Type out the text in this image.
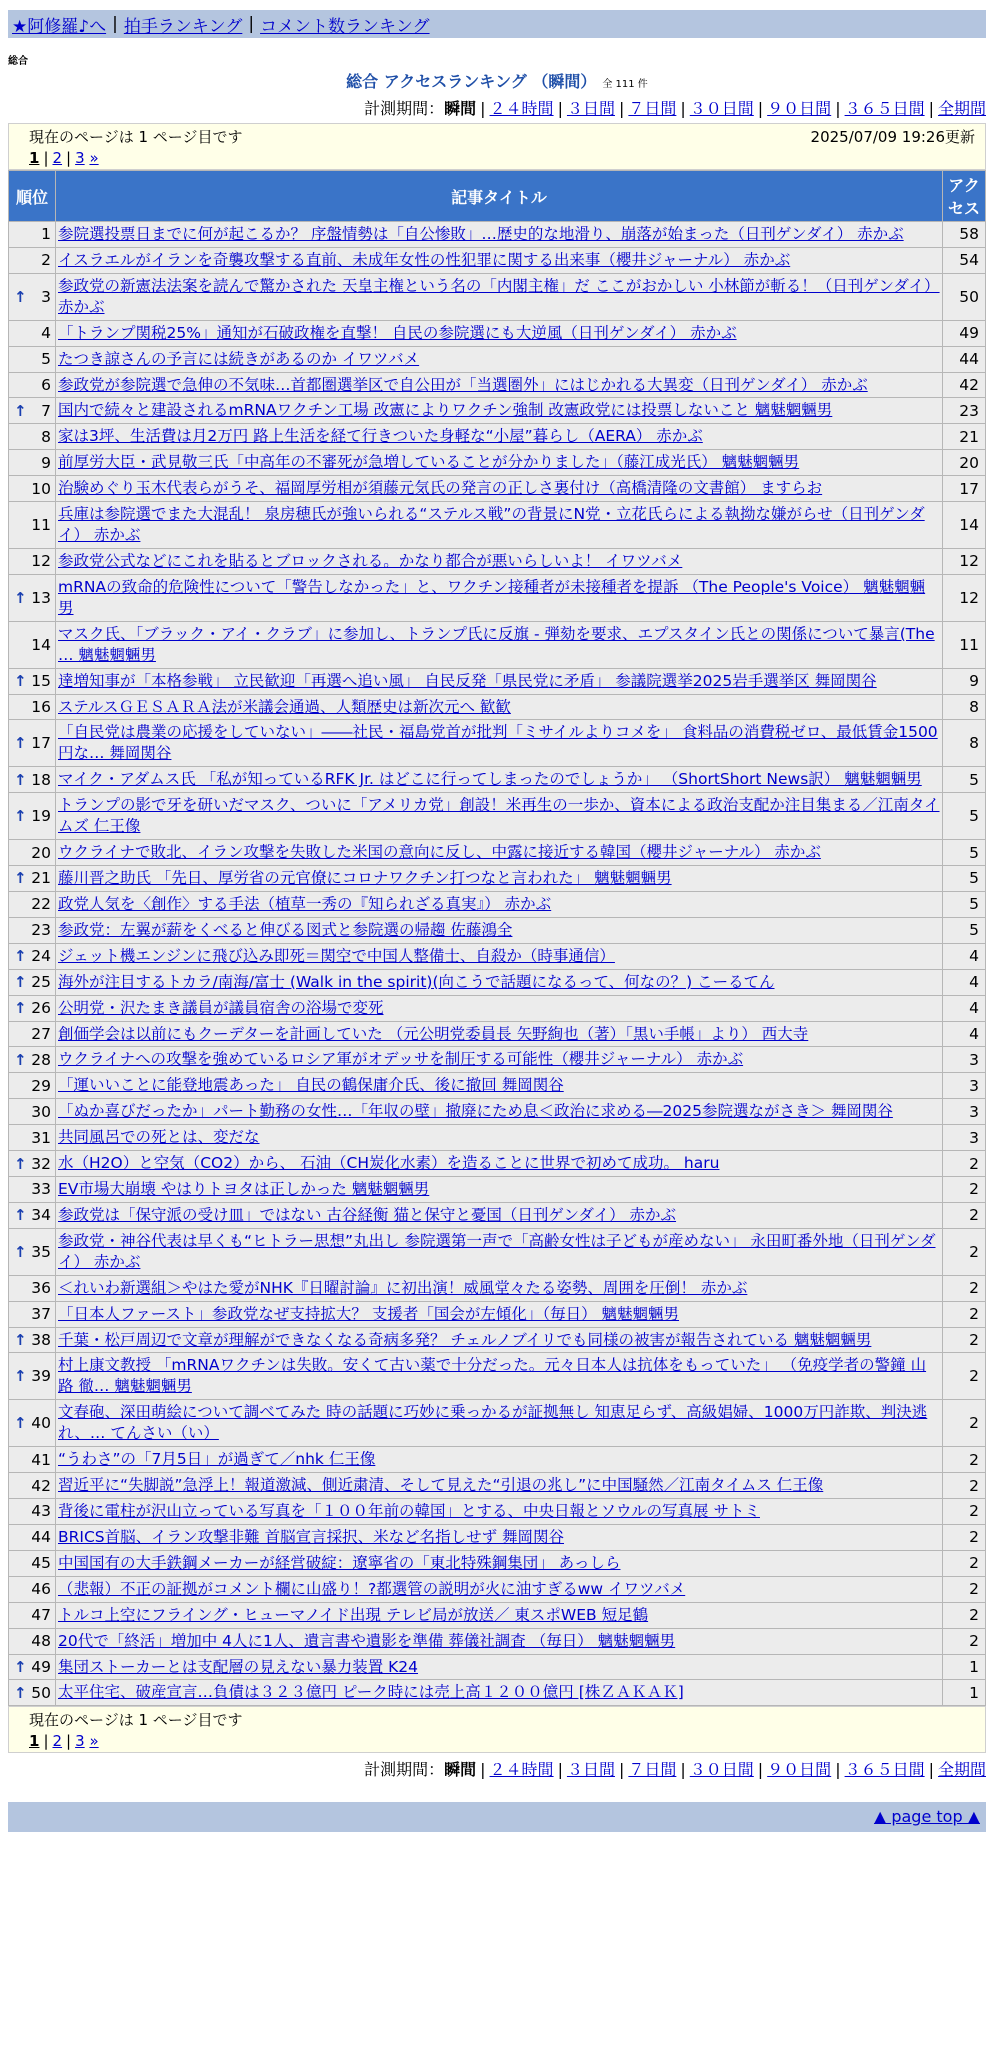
★阿修羅♪へ | 拍手ランキング | コメント数ランキング
総合
総合 アクセスランキング （瞬間） 全 111 件
計測期間：瞬間 | ２４時間 | ３日間 | ７日間 | ３０日間 | ９０日間 | ３６５日間 | 全期間
現在のページは 1 ページ目です	2025/07/09 19:26更新
1 | 2 | 3 »
順位	記事タイトル	アクセス
1	参院選投票日までに何が起こるか？ 序盤情勢は「自公惨敗」…歴史的な地滑り、崩落が始まった（日刊ゲンダイ） 赤かぶ	58
2	イスラエルがイランを奇襲攻撃する直前、未成年女性の性犯罪に関する出来事（櫻井ジャーナル） 赤かぶ	54

↑ 3	参政党の新憲法法案を読んで驚かされた 天皇主権という名の「内閣主権」だ ここがおかしい 小林節が斬る！（日刊ゲンダイ） 赤かぶ	50
4	「トランプ関税25%」通知が石破政権を直撃！ 自民の参院選にも大逆風（日刊ゲンダイ） 赤かぶ	49
5	たつき諒さんの予言には続きがあるのか イワツバメ	44
6	参政党が参院選で急伸の不気味…首都圏選挙区で自公田が「当選圏外」にはじかれる大異変（日刊ゲンダイ） 赤かぶ	42

↑ 7	国内で続々と建設されるmRNAワクチン工場 改憲によりワクチン強制 改憲政党には投票しないこと 魑魅魍魎男	23
8	家は3坪、生活費は月2万円 路上生活を経て行きついた身軽な“小屋”暮らし（AERA） 赤かぶ	21
9	前厚労大臣・武見敬三氏「中高年の不審死が急増していることが分かりました」（藤江成光氏） 魑魅魍魎男	20
10	治験めぐり玉木代表らがうそ、福岡厚労相が須藤元気氏の発言の正しさ裏付け（高橋清隆の文書館） ますらお	17
11	兵庫は参院選でまた大混乱！ 泉房穂氏が強いられる“ステルス戦”の背景にN党・立花氏らによる執拗な嫌がらせ（日刊ゲンダイ） 赤かぶ	14
12	参政党公式などにこれを貼るとブロックされる。かなり都合が悪いらしいよ！ イワツバメ	12

↑ 13	mRNAの致命的危険性について「警告しなかった」と、ワクチン接種者が未接種者を提訴 （The People's Voice） 魑魅魍魎男	12
14	マスク氏、「ブラック・アイ・クラブ」に参加し、トランプ氏に反旗 - 弾劾を要求、エプスタイン氏との関係について暴言(The … 魑魅魍魎男	11

↑ 15	達増知事が「本格参戦」 立民歓迎「再選へ追い風」 自民反発「県民党に矛盾」 参議院選挙2025岩手選挙区 舞岡関谷	9
16	ステルスＧＥＳＡＲＡ法が米議会通過、人類歴史は新次元へ 歓歓	8

↑ 17	「自民党は農業の応援をしていない」――社民・福島党首が批判「ミサイルよりコメを」 食料品の消費税ゼロ、最低賃金1500円な… 舞岡関谷	8

↑ 18	マイク・アダムス氏 「私が知っているRFK Jr. はどこに行ってしまったのでしょうか」 （ShortShort News訳） 魑魅魍魎男	5

↑ 19	トランプの影で牙を研いだマスク、ついに「アメリカ党」創設！米再生の一歩か、資本による政治支配か注目集まる／江南タイムズ 仁王像	5
20	ウクライナで敗北、イラン攻撃を失敗した米国の意向に反し、中露に接近する韓国（櫻井ジャーナル） 赤かぶ	5

↑ 21	藤川晋之助氏 「先日、厚労省の元官僚にコロナワクチン打つなと言われた」 魑魅魍魎男	5
22	政党人気を〈創作〉する手法（植草一秀の『知られざる真実』） 赤かぶ	5
23	参政党：左翼が薪をくべると伸びる図式と参院選の帰趨 佐藤鴻全	5

↑ 24	ジェット機エンジンに飛び込み即死＝関空で中国人整備士、自殺か（時事通信）	4

↑ 25	海外が注目するトカラ/南海/富士 (Walk in the spirit)(向こうで話題になるって、何なの？) こーるてん	4

↑ 26	公明党・沢たまき議員が議員宿舎の浴場で変死	4
27	創価学会は以前にもクーデターを計画していた （元公明党委員長 矢野絢也（著）「黒い手帳」より） 西大寺	4

↑ 28	ウクライナへの攻撃を強めているロシア軍がオデッサを制圧する可能性（櫻井ジャーナル） 赤かぶ	3
29	「運いいことに能登地震あった」 自民の鶴保庸介氏、後に撤回 舞岡関谷	3
30	「ぬか喜びだったか」パート勤務の女性…「年収の壁」撤廃にため息＜政治に求める―2025参院選ながさき＞ 舞岡関谷	3
31	共同風呂での死とは、変だな	3

↑ 32	水（H2O）と空気（CO2）から、 石油（CH炭化水素）を造ることに世界で初めて成功。 haru	2
33	EV市場大崩壊 やはりトヨタは正しかった 魑魅魍魎男	2

↑ 34	参政党は「保守派の受け皿」ではない 古谷経衡 猫と保守と憂国（日刊ゲンダイ） 赤かぶ	2

↑ 35	参政党・神谷代表は早くも“ヒトラー思想”丸出し 参院選第一声で「高齢女性は子どもが産めない」 永田町番外地（日刊ゲンダイ） 赤かぶ	2
36	＜れいわ新選組＞やはた愛がNHK『日曜討論』に初出演！威風堂々たる姿勢、周囲を圧倒！ 赤かぶ	2
37	「日本人ファースト」参政党なぜ支持拡大？ 支援者「国会が左傾化」（毎日） 魑魅魍魎男	2

↑ 38	千葉・松戸周辺で文章が理解ができなくなる奇病多発？ チェルノブイリでも同様の被害が報告されている 魑魅魍魎男	2

↑ 39	村上康文教授 「mRNAワクチンは失敗。安くて古い薬で十分だった。元々日本人は抗体をもっていた」 （免疫学者の警鐘 山路 徹… 魑魅魍魎男	2

↑ 40	文春砲、深田萌絵について調べてみた 時の話題に巧妙に乗っかるが証拠無し 知恵足らず、高級娼婦、1000万円詐欺、判決逃れ、… てんさい（い）	2
41	“うわさ”の「7月5日」が過ぎて／nhk 仁王像	2
42	習近平に“失脚説”急浮上！報道激減、側近粛清、そして見えた“引退の兆し”に中国騒然／江南タイムス 仁王像	2
43	背後に電柱が沢山立っている写真を「１００年前の韓国」とする、中央日報とソウルの写真展 サトミ	2
44	BRICS首脳、イラン攻撃非難 首脳宣言採択、米など名指しせず 舞岡関谷	2
45	中国国有の大手鉄鋼メーカーが経営破綻：遼寧省の「東北特殊鋼集団」 あっしら	2
46	（悲報）不正の証拠がコメント欄に山盛り！?都選管の説明が火に油すぎるww イワツバメ	2
47	トルコ上空にフライング・ヒューマノイド出現 テレビ局が放送／ 東スポWEB 短足鶴	2
48	20代で「終活」増加中 4人に1人、遺言書や遺影を準備 葬儀社調査 （毎日） 魑魅魍魎男	2

↑ 49	集団ストーカーとは支配層の見えない暴力装置 K24	1

↑ 50	太平住宅、破産宣言…負債は３２３億円 ピーク時には売上高１２００億円 [株ＺＡＫＡＫ]	1
現在のページは 1 ページ目です
1 | 2 | 3 »
計測期間：瞬間 | ２４時間 | ３日間 | ７日間 | ３０日間 | ９０日間 | ３６５日間 | 全期間
▲ page top ▲
